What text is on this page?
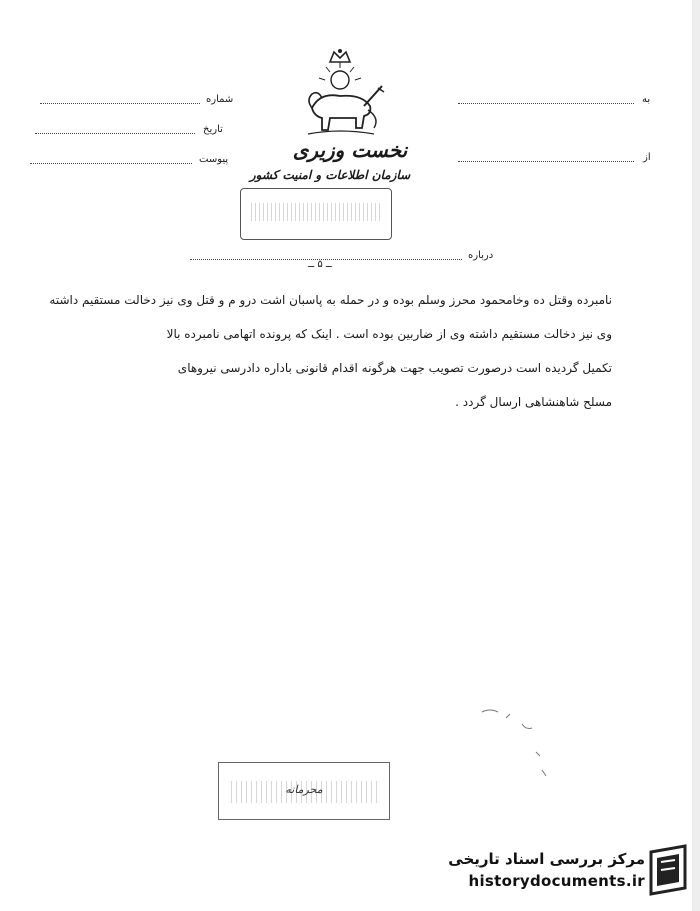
شماره
تاریخ
پیوست
به
از
نخست وزیری
سازمان اطلاعات و امنیت کشور
درباره
ــ ۵ ــ

نامبرده وقتل ده وخامحمود محرز وسلم بوده و در حمله به پاسبان اشت درو م و قتل وی نیز دخالت مستقیم داشته

وی نیز دخالت مستقیم داشته وی از ضاربین بوده است . اینک که پرونده اتهامی نامبرده بالا

تکمیل گردیده است درصورت تصویب جهت هرگونه اقدام قانونی باداره دادرسی نیروهای

مسلح شاهنشاهی ارسال گردد .

محرمانه
مرکز بررسی اسناد تاریخی
historydocuments.ir
